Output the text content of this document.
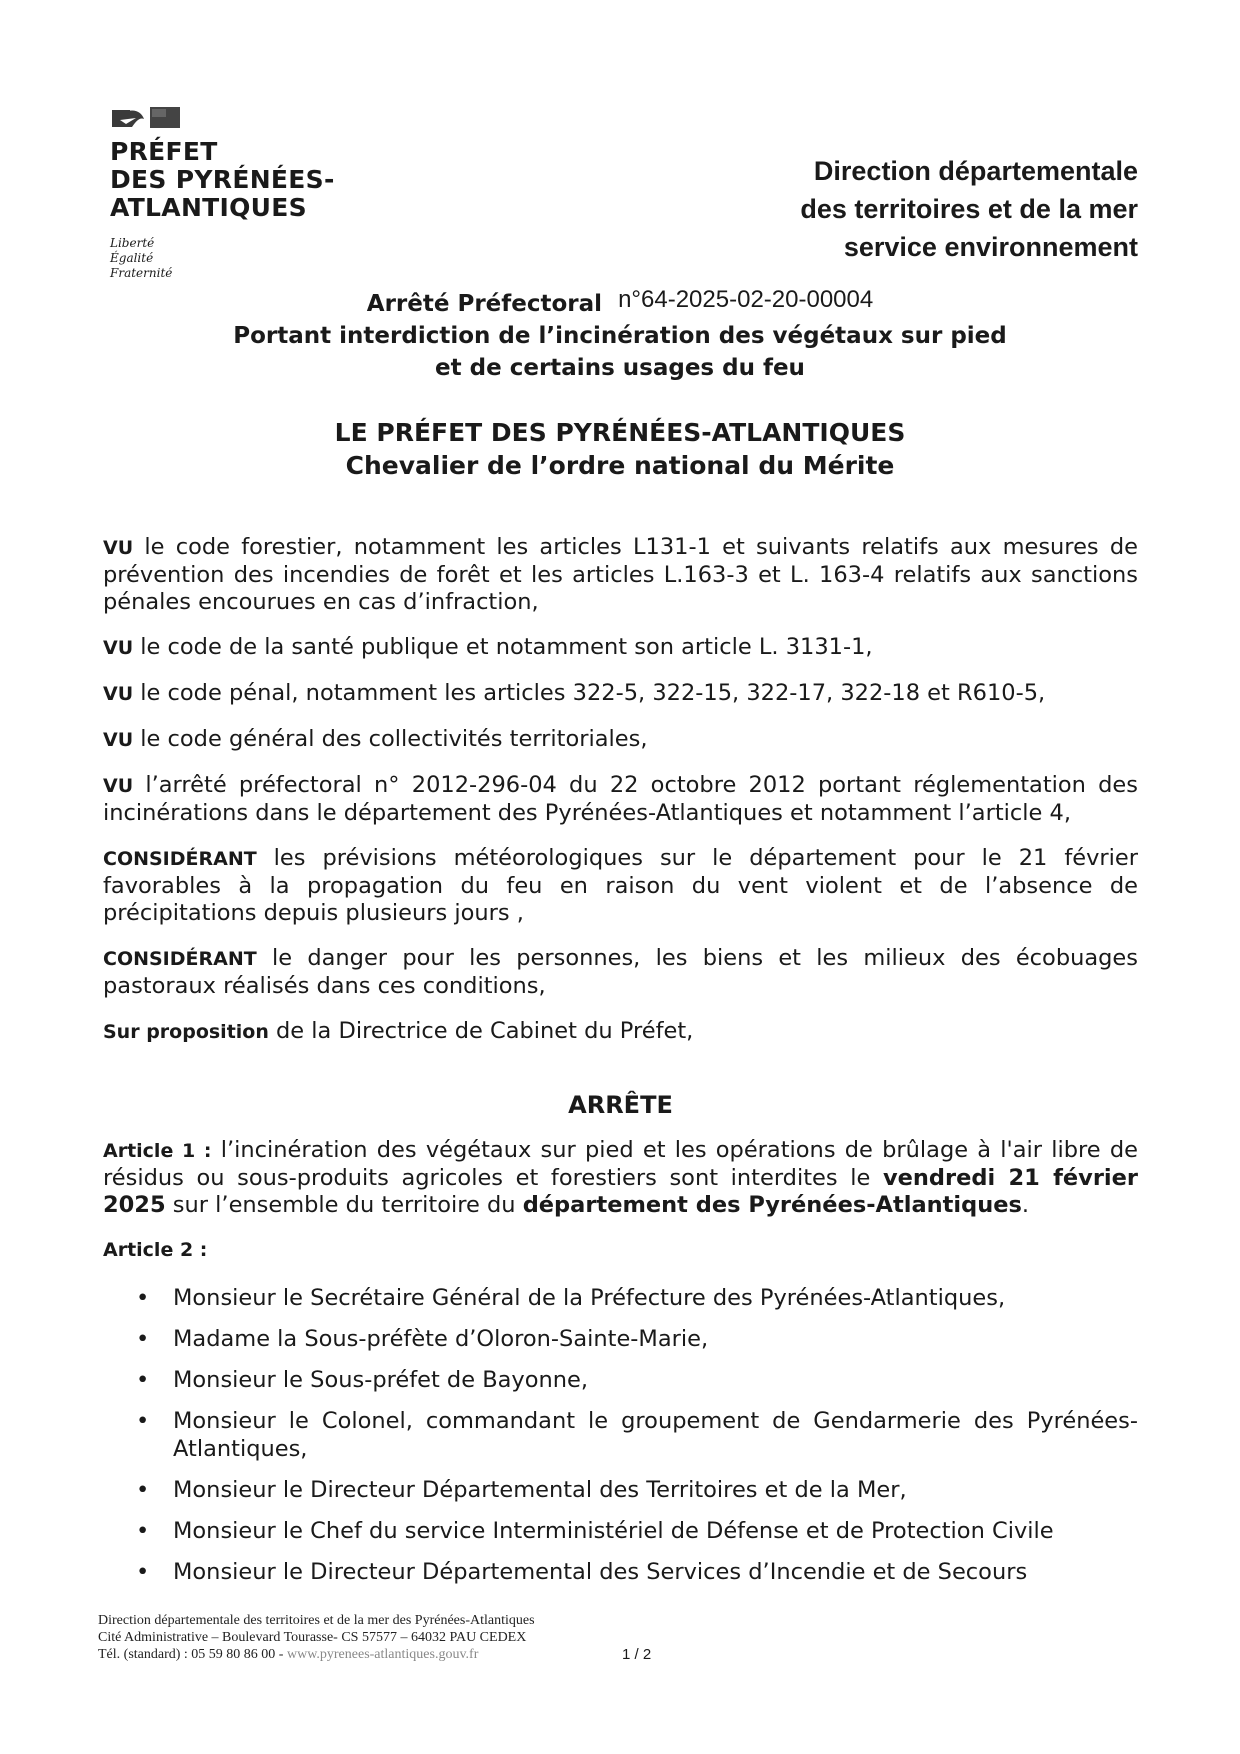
PRÉFET
DES PYRÉNÉES-
ATLANTIQUES
Liberté
Égalité
Fraternité
Direction départementale
des territoires et de la mer
service environnement
Arrêté Préfectoral n°64-2025-02-20-00004
Portant interdiction de l’incinération des végétaux sur pied
et de certains usages du feu
LE PRÉFET DES PYRÉNÉES-ATLANTIQUES
Chevalier de l’ordre national du Mérite

VU le code forestier, notamment les articles L131-1 et suivants relatifs aux mesures de prévention des incendies de forêt et les articles L.163-3 et L. 163-4 relatifs aux sanctions pénales encourues en cas d’infraction,

VU le code de la santé publique et notamment son article L. 3131-1,

VU le code pénal, notamment les articles 322-5, 322-15, 322-17, 322-18 et R610-5,

VU le code général des collectivités territoriales,

VU l’arrêté préfectoral n° 2012-296-04 du 22 octobre 2012 portant réglementation des incinérations dans le département des Pyrénées-Atlantiques et notamment l’article 4,

CONSIDÉRANT les prévisions météorologiques sur le département pour le 21 février favorables à la propagation du feu en raison du vent violent et de l’absence de précipitations depuis plusieurs jours ,

CONSIDÉRANT le danger pour les personnes, les biens et les milieux des écobuages pastoraux réalisés dans ces conditions,

Sur proposition de la Directrice de Cabinet du Préfet,

ARRÊTE

Article 1 : l’incinération des végétaux sur pied et les opérations de brûlage à l'air libre de résidus ou sous-produits agricoles et forestiers sont interdites le vendredi 21 février 2025 sur l’ensemble du territoire du département des Pyrénées-Atlantiques.

Article 2 :
• Monsieur le Secrétaire Général de la Préfecture des Pyrénées-Atlantiques,
• Madame la Sous-préfète d’Oloron-Sainte-Marie,
• Monsieur le Sous-préfet de Bayonne,
• Monsieur le Colonel, commandant le groupement de Gendarmerie des Pyrénées-Atlantiques,
• Monsieur le Directeur Départemental des Territoires et de la Mer,
• Monsieur le Chef du service Interministériel de Défense et de Protection Civile
• Monsieur le Directeur Départemental des Services d’Incendie et de Secours
Direction départementale des territoires et de la mer des Pyrénées-Atlantiques
Cité Administrative – Boulevard Tourasse- CS 57577 – 64032 PAU CEDEX
Tél. (standard) : 05 59 80 86 00 - www.pyrenees-atlantiques.gouv.fr	1 / 2
